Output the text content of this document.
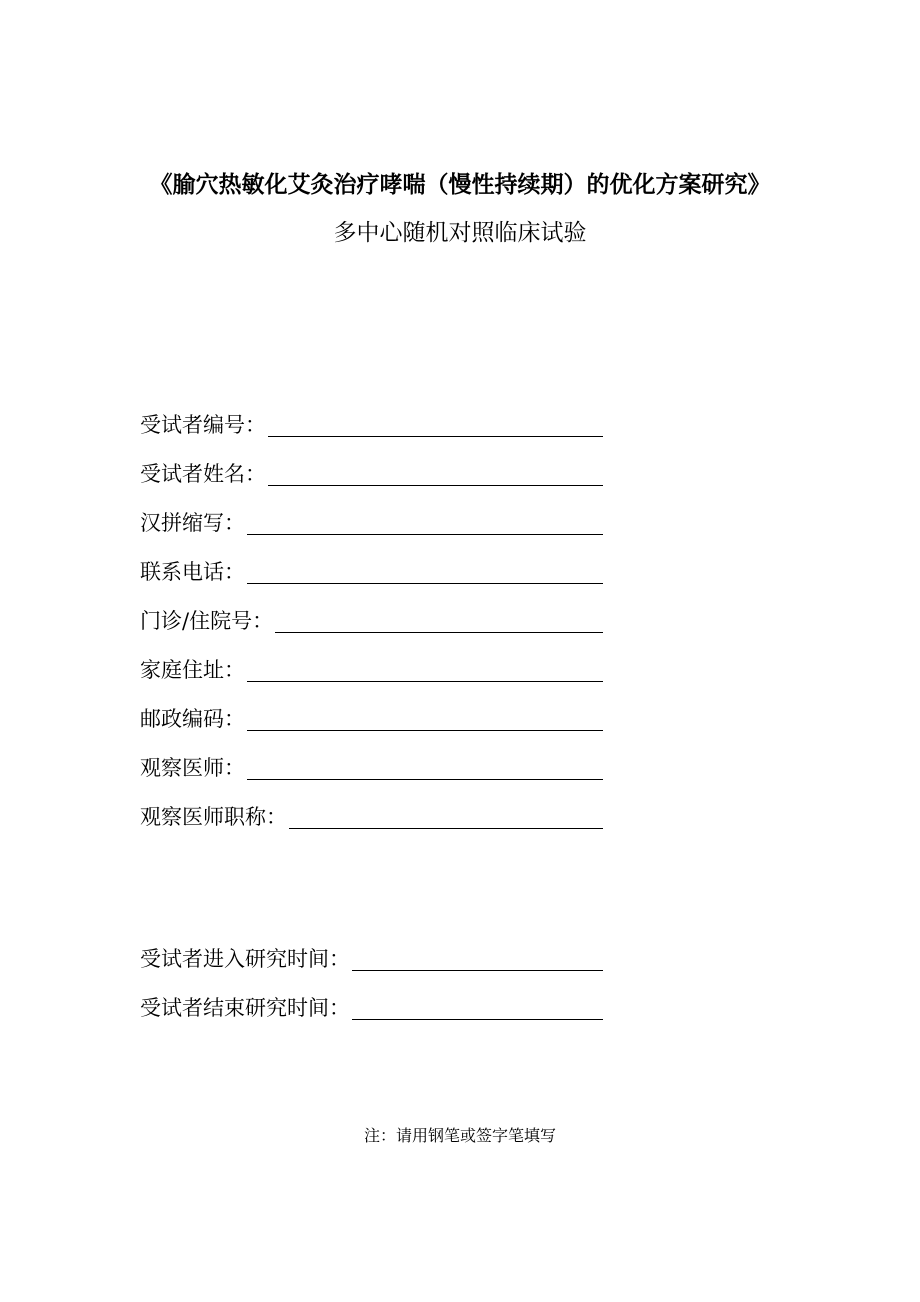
《腧穴热敏化艾灸治疗哮喘（慢性持续期）的优化方案研究》
多中心随机对照临床试验
受试者编号：
受试者姓名：
汉拼缩写：
联系电话：
门诊/住院号：
家庭住址：
邮政编码：
观察医师：
观察医师职称：
受试者进入研究时间：
受试者结束研究时间：
注：请用钢笔或签字笔填写
